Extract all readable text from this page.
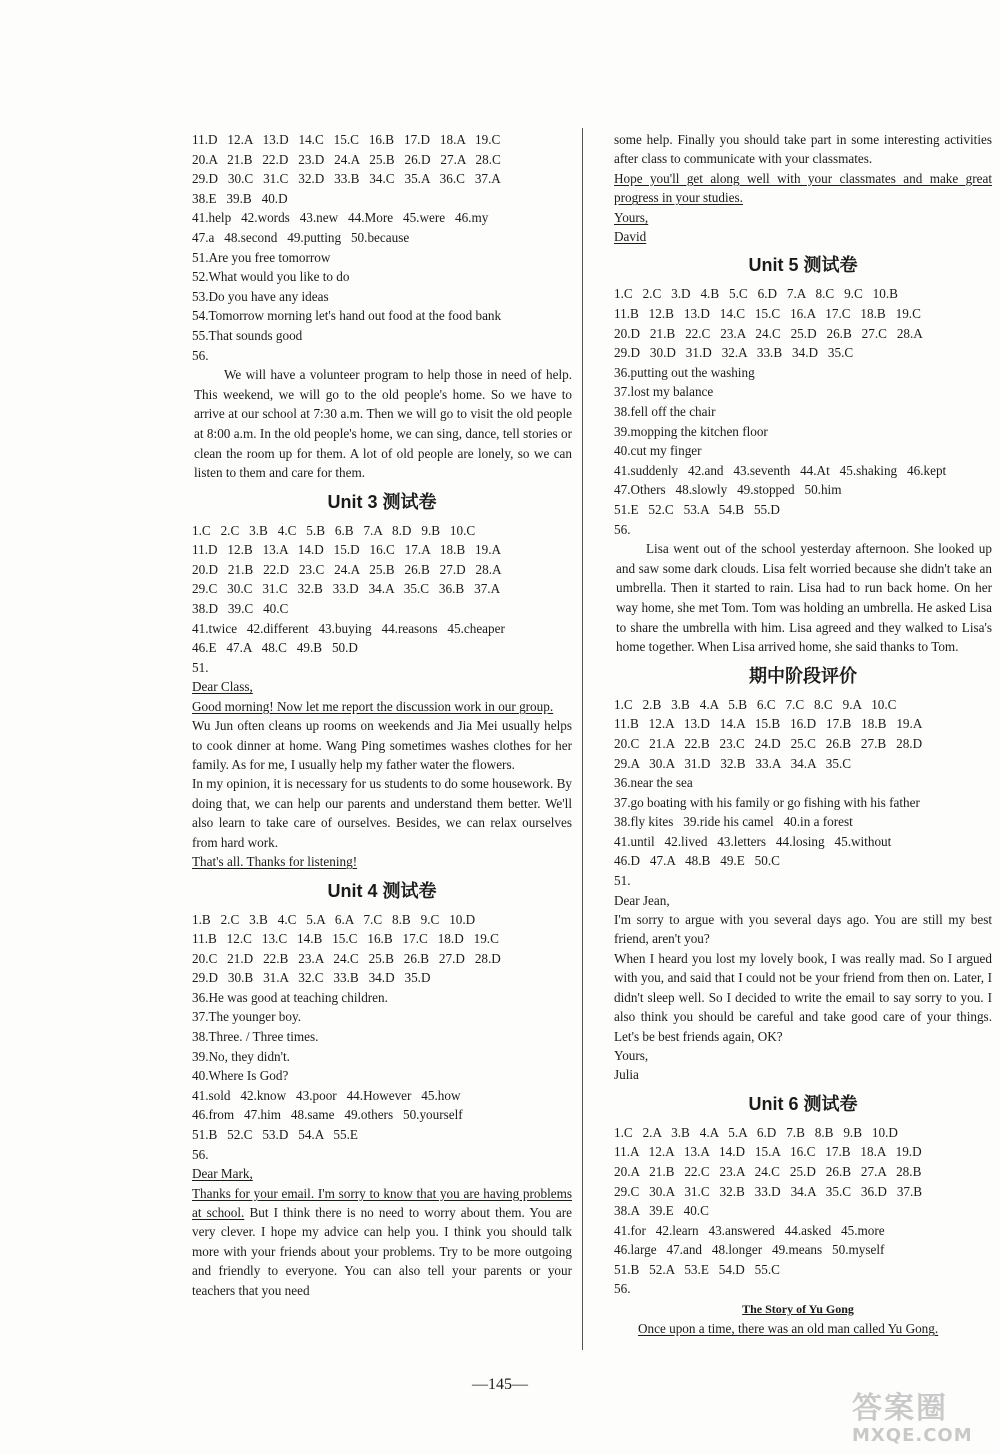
11.D   12.A   13.D   14.C   15.C   16.B   17.D   18.A   19.C
20.A   21.B   22.D   23.D   24.A   25.B   26.D   27.A   28.C
29.D   30.C   31.C   32.D   33.B   34.C   35.A   36.C   37.A
38.E   39.B   40.D
41.help   42.words   43.new   44.More   45.were   46.my
47.a   48.second   49.putting   50.because
51.Are you free tomorrow
52.What would you like to do
53.Do you have any ideas
54.Tomorrow morning let's hand out food at the food bank
55.That sounds good
56.

We will have a volunteer program to help those in need of help. This weekend, we will go to the old people's home. So we have to arrive at our school at 7:30 a.m. Then we will go to visit the old people at 8:00 a.m. In the old people's home, we can sing, dance, tell stories or clean the room up for them. A lot of old people are lonely, so we can listen to them and care for them.

Unit 3 测试卷
1.C   2.C   3.B   4.C   5.B   6.B   7.A   8.D   9.B   10.C
11.D   12.B   13.A   14.D   15.D   16.C   17.A   18.B   19.A
20.D   21.B   22.D   23.C   24.A   25.B   26.B   27.D   28.A
29.C   30.C   31.C   32.B   33.D   34.A   35.C   36.B   37.A
38.D   39.C   40.C
41.twice   42.different   43.buying   44.reasons   45.cheaper
46.E   47.A   48.C   49.B   50.D
51.

Dear Class,

Good morning! Now let me report the discussion work in our group.

Wu Jun often cleans up rooms on weekends and Jia Mei usually helps to cook dinner at home. Wang Ping sometimes washes clothes for her family. As for me, I usually help my father water the flowers.

In my opinion, it is necessary for us students to do some housework. By doing that, we can help our parents and understand them better. We'll also learn to take care of ourselves. Besides, we can relax ourselves from hard work.

That's all. Thanks for listening!

Unit 4 测试卷
1.B   2.C   3.B   4.C   5.A   6.A   7.C   8.B   9.C   10.D
11.B   12.C   13.C   14.B   15.C   16.B   17.C   18.D   19.C
20.C   21.D   22.B   23.A   24.C   25.B   26.B   27.D   28.D
29.D   30.B   31.A   32.C   33.B   34.D   35.D
36.He was good at teaching children.
37.The younger boy.
38.Three. / Three times.
39.No, they didn't.
40.Where Is God?
41.sold   42.know   43.poor   44.However   45.how
46.from   47.him   48.same   49.others   50.yourself
51.B   52.C   53.D   54.A   55.E
56.

Dear Mark,

Thanks for your email. I'm sorry to know that you are having problems at school. But I think there is no need to worry about them. You are very clever. I hope my advice can help you. I think you should talk more with your friends about your problems. Try to be more outgoing and friendly to everyone. You can also tell your parents or your teachers that you need

some help. Finally you should take part in some interesting activities after class to communicate with your classmates.

Hope you'll get along well with your classmates and make great progress in your studies.

Yours,

David

Unit 5 测试卷
1.C   2.C   3.D   4.B   5.C   6.D   7.A   8.C   9.C   10.B
11.B   12.B   13.D   14.C   15.C   16.A   17.C   18.B   19.C
20.D   21.B   22.C   23.A   24.C   25.D   26.B   27.C   28.A
29.D   30.D   31.D   32.A   33.B   34.D   35.C
36.putting out the washing
37.lost my balance
38.fell off the chair
39.mopping the kitchen floor
40.cut my finger
41.suddenly   42.and   43.seventh   44.At   45.shaking   46.kept
47.Others   48.slowly   49.stopped   50.him
51.E   52.C   53.A   54.B   55.D
56.

Lisa went out of the school yesterday afternoon. She looked up and saw some dark clouds. Lisa felt worried because she didn't take an umbrella. Then it started to rain. Lisa had to run back home. On her way home, she met Tom. Tom was holding an umbrella. He asked Lisa to share the umbrella with him. Lisa agreed and they walked to Lisa's home together. When Lisa arrived home, she said thanks to Tom.

期中阶段评价
1.C   2.B   3.B   4.A   5.B   6.C   7.C   8.C   9.A   10.C
11.B   12.A   13.D   14.A   15.B   16.D   17.B   18.B   19.A
20.C   21.A   22.B   23.C   24.D   25.C   26.B   27.B   28.D
29.A   30.A   31.D   32.B   33.A   34.A   35.C
36.near the sea
37.go boating with his family or go fishing with his father
38.fly kites   39.ride his camel   40.in a forest
41.until   42.lived   43.letters   44.losing   45.without
46.D   47.A   48.B   49.E   50.C
51.

Dear Jean,

I'm sorry to argue with you several days ago. You are still my best friend, aren't you?

When I heard you lost my lovely book, I was really mad. So I argued with you, and said that I could not be your friend from then on. Later, I didn't sleep well. So I decided to write the email to say sorry to you. I also think you should be careful and take good care of your things. Let's be best friends again, OK?

Yours,

Julia

Unit 6 测试卷
1.C   2.A   3.B   4.A   5.A   6.D   7.B   8.B   9.B   10.D
11.A   12.A   13.A   14.D   15.A   16.C   17.B   18.A   19.D
20.A   21.B   22.C   23.A   24.C   25.D   26.B   27.A   28.B
29.C   30.A   31.C   32.B   33.D   34.A   35.C   36.D   37.B
38.A   39.E   40.C
41.for   42.learn   43.answered   44.asked   45.more
46.large   47.and   48.longer   49.means   50.myself
51.B   52.A   53.E   54.D   55.C
56.
The Story of Yu Gong

Once upon a time, there was an old man called Yu Gong.

—145—
答案圈
MXQE.COM
